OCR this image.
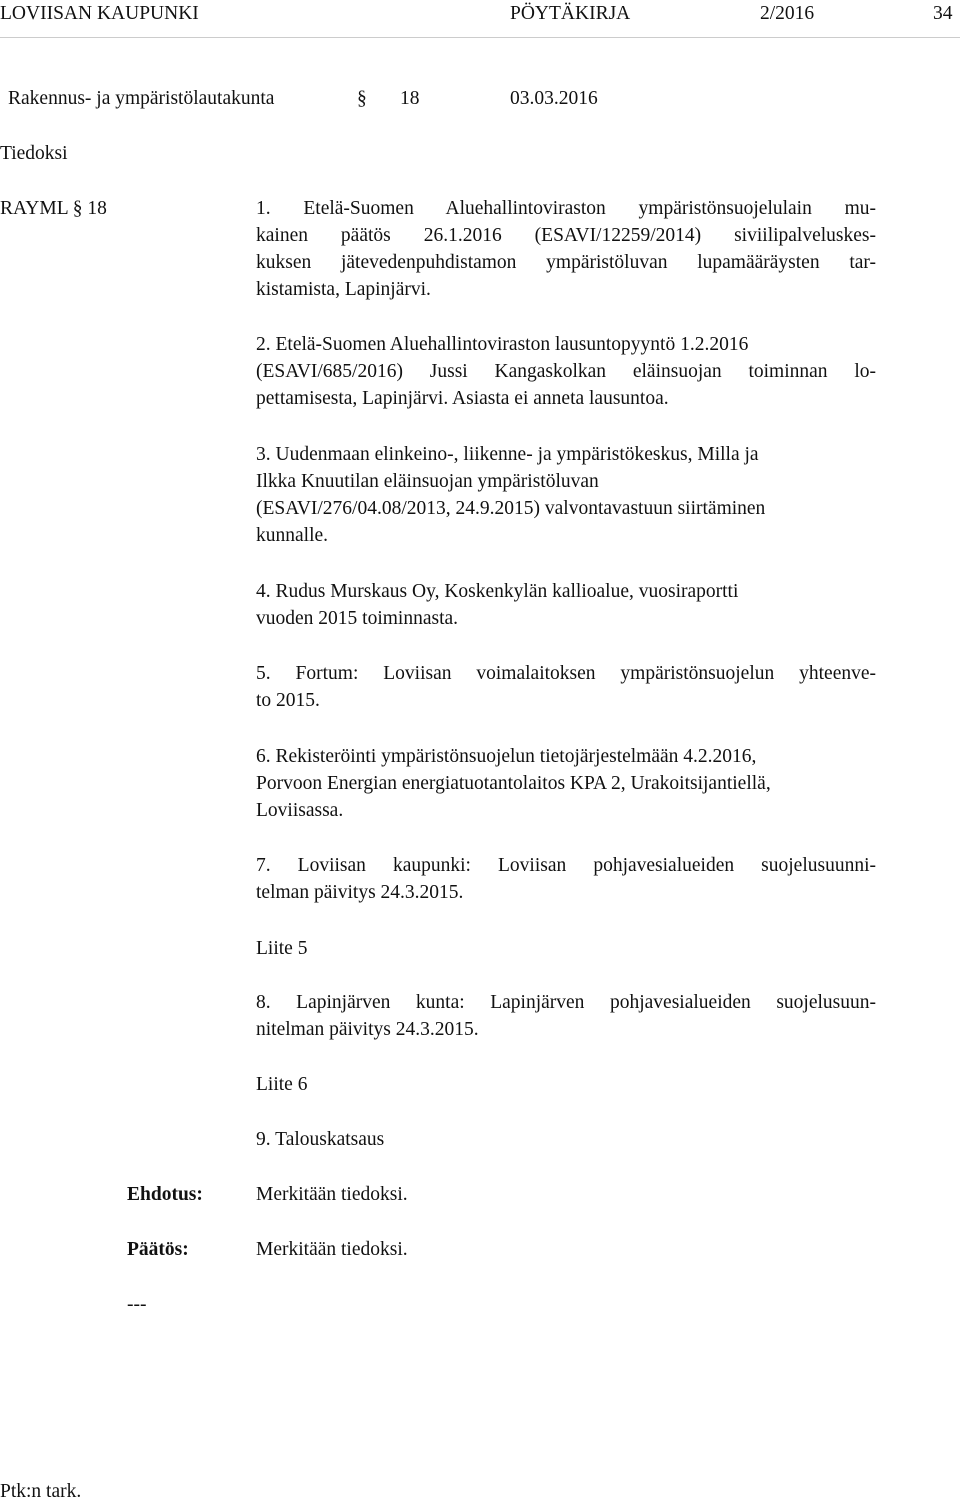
LOVIISAN KAUPUNKI	PÖYTÄKIRJA	2/2016	34
Rakennus- ja ympäristölautakunta	§ 18	03.03.2016
Tiedoksi
RAYML § 18	1. Etelä-Suomen Aluehallintoviraston ympäristönsuojelulain mu-
kainen päätös 26.1.2016 (ESAVI/12259/2014) siviilipalveluskes-
kuksen jätevedenpuhdistamon ympäristöluvan lupamääräysten tar-
kistamista, Lapinjärvi.
2. Etelä-Suomen Aluehallintoviraston lausuntopyyntö 1.2.2016
(ESAVI/685/2016) Jussi Kangaskolkan eläinsuojan toiminnan lo-
pettamisesta, Lapinjärvi. Asiasta ei anneta lausuntoa.
3. Uudenmaan elinkeino-, liikenne- ja ympäristökeskus, Milla ja
Ilkka Knuutilan eläinsuojan ympäristöluvan
(ESAVI/276/04.08/2013, 24.9.2015) valvontavastuun siirtäminen
kunnalle.
4. Rudus Murskaus Oy, Koskenkylän kallioalue, vuosiraportti
vuoden 2015 toiminnasta.
5. Fortum: Loviisan voimalaitoksen ympäristönsuojelun yhteenve-
to 2015.
6. Rekisteröinti ympäristönsuojelun tietojärjestelmään 4.2.2016,
Porvoon Energian energiatuotantolaitos KPA 2, Urakoitsijantiellä,
Loviisassa.
7. Loviisan kaupunki: Loviisan pohjavesialueiden suojelusuunni-
telman päivitys 24.3.2015.
Liite 5
8. Lapinjärven kunta: Lapinjärven pohjavesialueiden suojelusuun-
nitelman päivitys 24.3.2015.
Liite 6
9. Talouskatsaus
Ehdotus:	Merkitään tiedoksi.
Päätös:	Merkitään tiedoksi.
---
Ptk:n tark.
